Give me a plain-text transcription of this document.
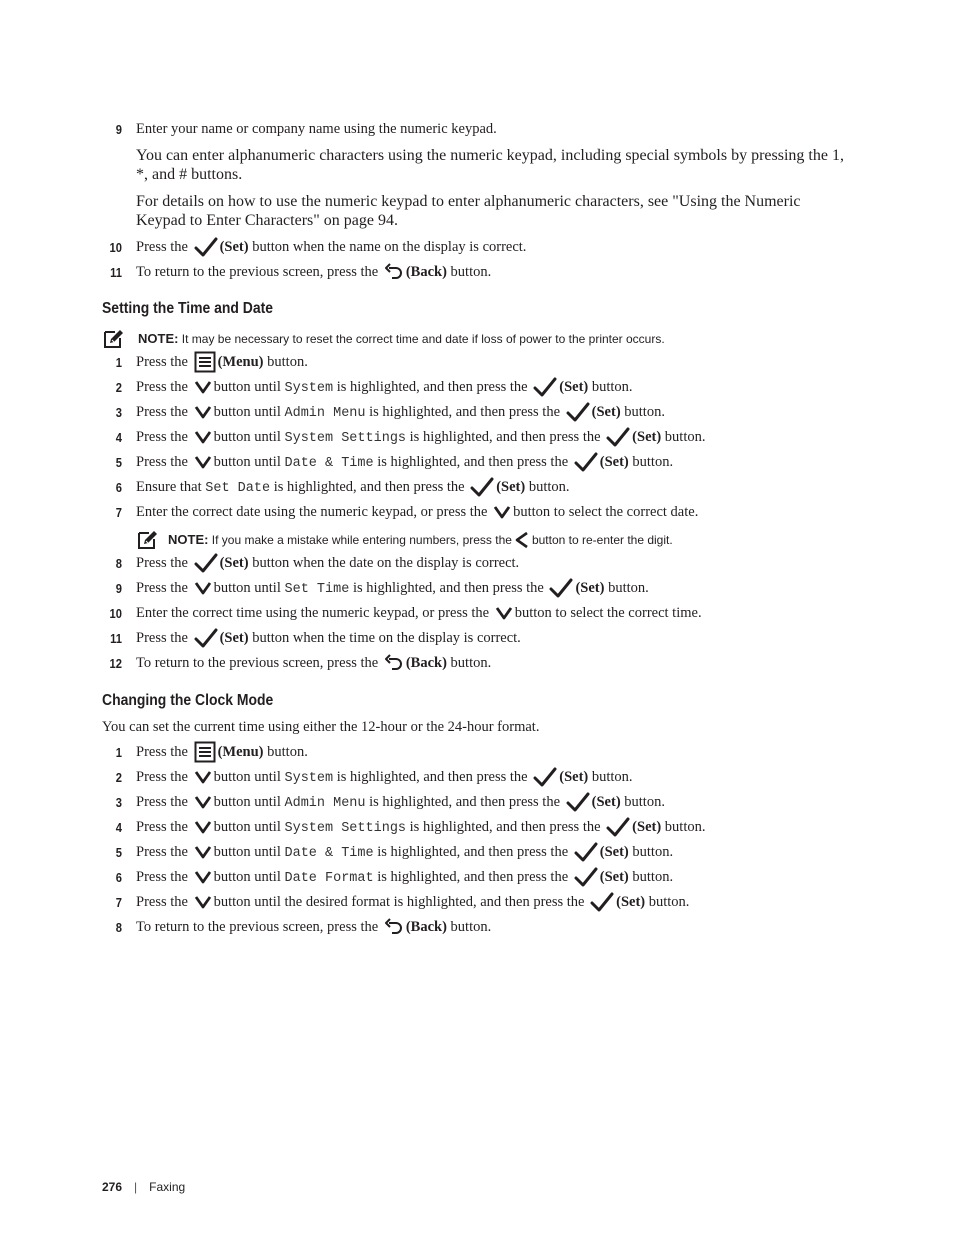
9 Enter your name or company name using the numeric keypad.
You can enter alphanumeric characters using the numeric keypad, including special symbols by pressing the 1, *, and # buttons.
For details on how to use the numeric keypad to enter alphanumeric characters, see "Using the Numeric Keypad to Enter Characters" on page 94.
10 Press the
(Set) button when the name on the display is correct.
11 To return to the previous screen, press the
(Back) button.
Setting the Time and Date
NOTE: It may be necessary to reset the correct time and date if loss of power to the printer occurs.
1 Press the
(Menu) button.
2 Press the
button until System is highlighted, and then press the
(Set) button.
3 Press the
button until Admin Menu is highlighted, and then press the
(Set) button.
4 Press the
button until System Settings is highlighted, and then press the
(Set) button.
5 Press the
button until Date & Time is highlighted, and then press the
(Set) button.
6 Ensure that Set Date is highlighted, and then press the
(Set) button.
7 Enter the correct date using the numeric keypad, or press the
button to select the correct date.
8 Press the
(Set) button when the date on the display is correct.
9 Press the
button until Set Time is highlighted, and then press the
(Set) button.
10 Enter the correct time using the numeric keypad, or press the
button to select the correct time.
11 Press the
(Set) button when the time on the display is correct.
12 To return to the previous screen, press the
(Back) button.
NOTE: If you make a mistake while entering numbers, press the button to re-enter the digit.
Changing the Clock Mode
You can set the current time using either the 12-hour or the 24-hour format.
1 Press the
(Menu) button.
2 Press the
button until System is highlighted, and then press the
(Set) button.
3 Press the
button until Admin Menu is highlighted, and then press the
(Set) button.
4 Press the
button until System Settings is highlighted, and then press the
(Set) button.
5 Press the
button until Date & Time is highlighted, and then press the
(Set) button.
6 Press the
button until Date Format is highlighted, and then press the
(Set) button.
7 Press the
button until the desired format is highlighted, and then press the
(Set) button.
8 To return to the previous screen, press the
(Back) button.
276 | Faxing
